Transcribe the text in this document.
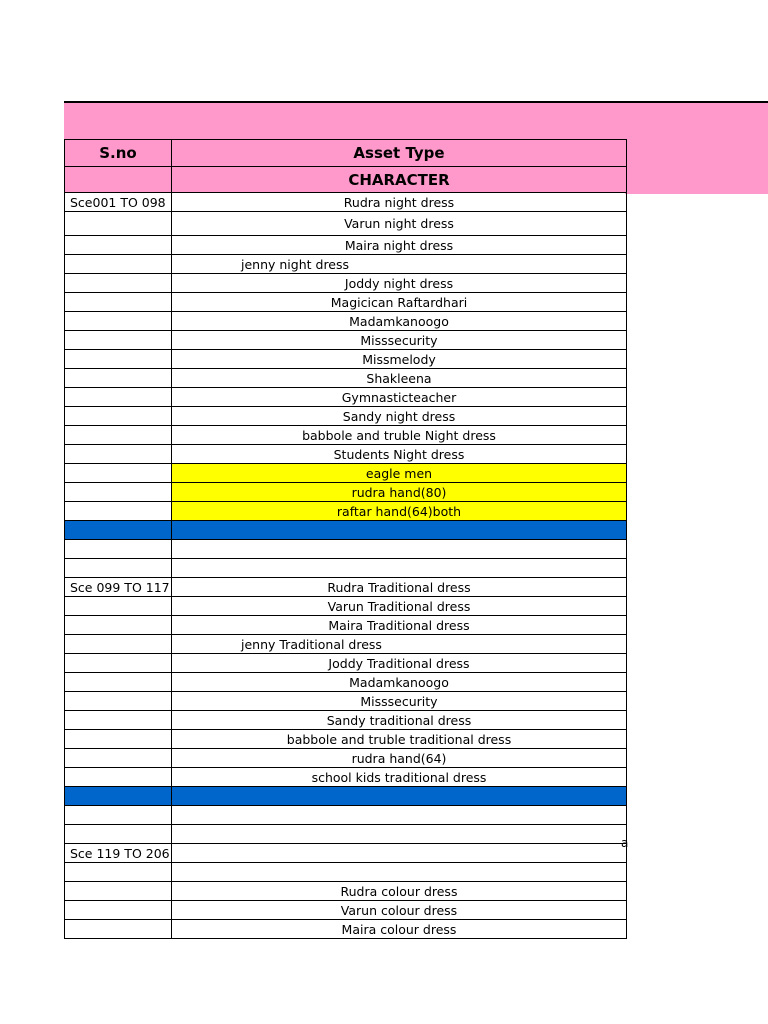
S.no	Asset Type
	CHARACTER
Sce001 TO 098	Rudra night dress
	Varun night dress
	Maira night dress
	jenny night dress
	Joddy night dress
	Magicican Raftardhari
	Madamkanoogo
	Misssecurity
	Missmelody
	Shakleena
	Gymnasticteacher
	Sandy night dress
	babbole and truble Night dress
	Students Night dress
	eagle men
	rudra hand(80)
	raftar hand(64)both

Sce 099 TO 117	Rudra Traditional dress
	Varun Traditional dress
	Maira Traditional dress
	jenny Traditional dress
	Joddy Traditional dress
	Madamkanoogo
	Misssecurity
	Sandy traditional dress
	babbole and truble traditional dress
	rudra hand(64)
	school kids traditional dress

Sce 119 TO 206	

	Rudra colour dress
	Varun colour dress
	Maira colour dress
a
